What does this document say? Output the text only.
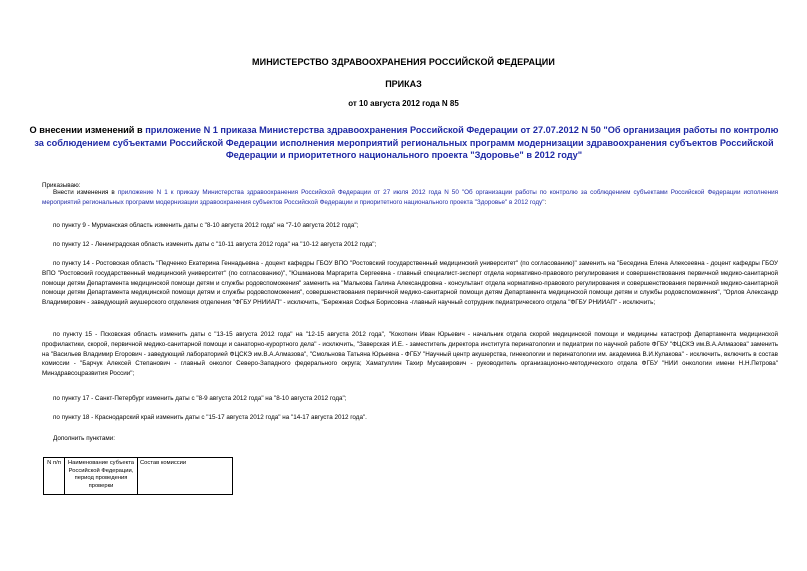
МИНИСТЕРСТВО ЗДРАВООХРАНЕНИЯ РОССИЙСКОЙ ФЕДЕРАЦИИ
ПРИКАЗ
от 10 августа 2012 года N 85
О внесении изменений в приложение N 1 приказа Министерства здравоохранения Российской Федерации от 27.07.2012 N 50 "Об организация работы по контролю за соблюдением субъектами Российской Федерации исполнения мероприятий региональных программ модернизации здравоохранения субъектов Российской Федерации и приоритетного национального проекта "Здоровье" в 2012 году"
Приказываю:
Внести изменения в приложение N 1 к приказу Министерства здравоохранения Российской Федерации от 27 июля 2012 года N 50 "Об организации работы по контролю за соблюдением субъектами Российской Федерации исполнения мероприятий региональных программ модернизации здравоохранения субъектов Российской Федерации и приоритетного национального проекта "Здоровье" в 2012 году":
по пункту 9 - Мурманская область изменить даты с "8-10 августа 2012 года" на "7-10 августа 2012 года";
по пункту 12 - Ленинградская область изменить даты с "10-11 августа 2012 года" на "10-12 августа 2012 года";
по пункту 14 - Ростовская область "Педченко Екатерина Геннадьевна - доцент кафедры ГБОУ ВПО "Ростовский государственный медицинский университет" (по согласованию)" заменить на "Беседина Елена Алексеевна - доцент кафедры ГБОУ ВПО "Ростовский государственный медицинский университет" (по согласованию)", "Юшманова Маргарита Сергеевна - главный специалист-эксперт отдела нормативно-правового регулирования и совершенствования первичной медико-санитарной помощи детям Департамента медицинской помощи детям и службы родовспоможения" заменить на "Малькова Галина Александровна - консультант отдела нормативно-правового регулирования и совершенствования первичной медико-санитарной помощи детям Департамента медицинской помощи детям и службы родовспоможения", совершенствования первичной медико-санитарной помощи детям Департамента медицинской помощи детям и службы родовспоможения", "Орлов Александр Владимирович - заведующий акушерского отделения отделения "ФГБУ РНИИАП" - исключить, "Бережная Софья Борисовна -главный научный сотрудник педиатрического отдела "ФГБУ РНИИАП" - исключить;
по пункту 15 - Псковская область изменить даты с "13-15 августа 2012 года" на "12-15 августа 2012 года", "Кокоткин Иван Юрьевич - начальник отдела скорой медицинской помощи и медицины катастроф Департамента медицинской профилактики, скорой, первичной медико-санитарной помощи и санаторно-курортного дела" - исключить, "Заверская И.Е. - заместитель директора института перинатологии и педиатрии по научной работе ФГБУ "ФЦСКЭ им.В.А.Алмазова" заменить на "Васильев Владимир Егорович - заведующий лабораторией ФЦСКЭ им.В.А.Алмазова", "Смольнова Татьяна Юрьевна - ФГБУ "Научный центр акушерства, гинекологии и перинатологии им. академика В.И.Кулакова" - исключить, включить в состав комиссии - "Барчук Алексей Степанович - главный онколог Северо-Западного федерального округа; Хаматуллин Тахир Мусавирович - руководитель организационно-методического отдела ФГБУ "НИИ онкологии имени Н.Н.Петрова" Минздравсоцразвития России";
по пункту 17 - Санкт-Петербург изменить даты с "8-9 августа 2012 года" на "8-10 августа 2012 года";
по пункту 18 - Краснодарский край изменить даты с "15-17 августа 2012 года" на "14-17 августа 2012 года".
Дополнить пунктами:
N п/п	Наименование субъекта Российской Федерации, период проведения проверки	Состав комиссии
